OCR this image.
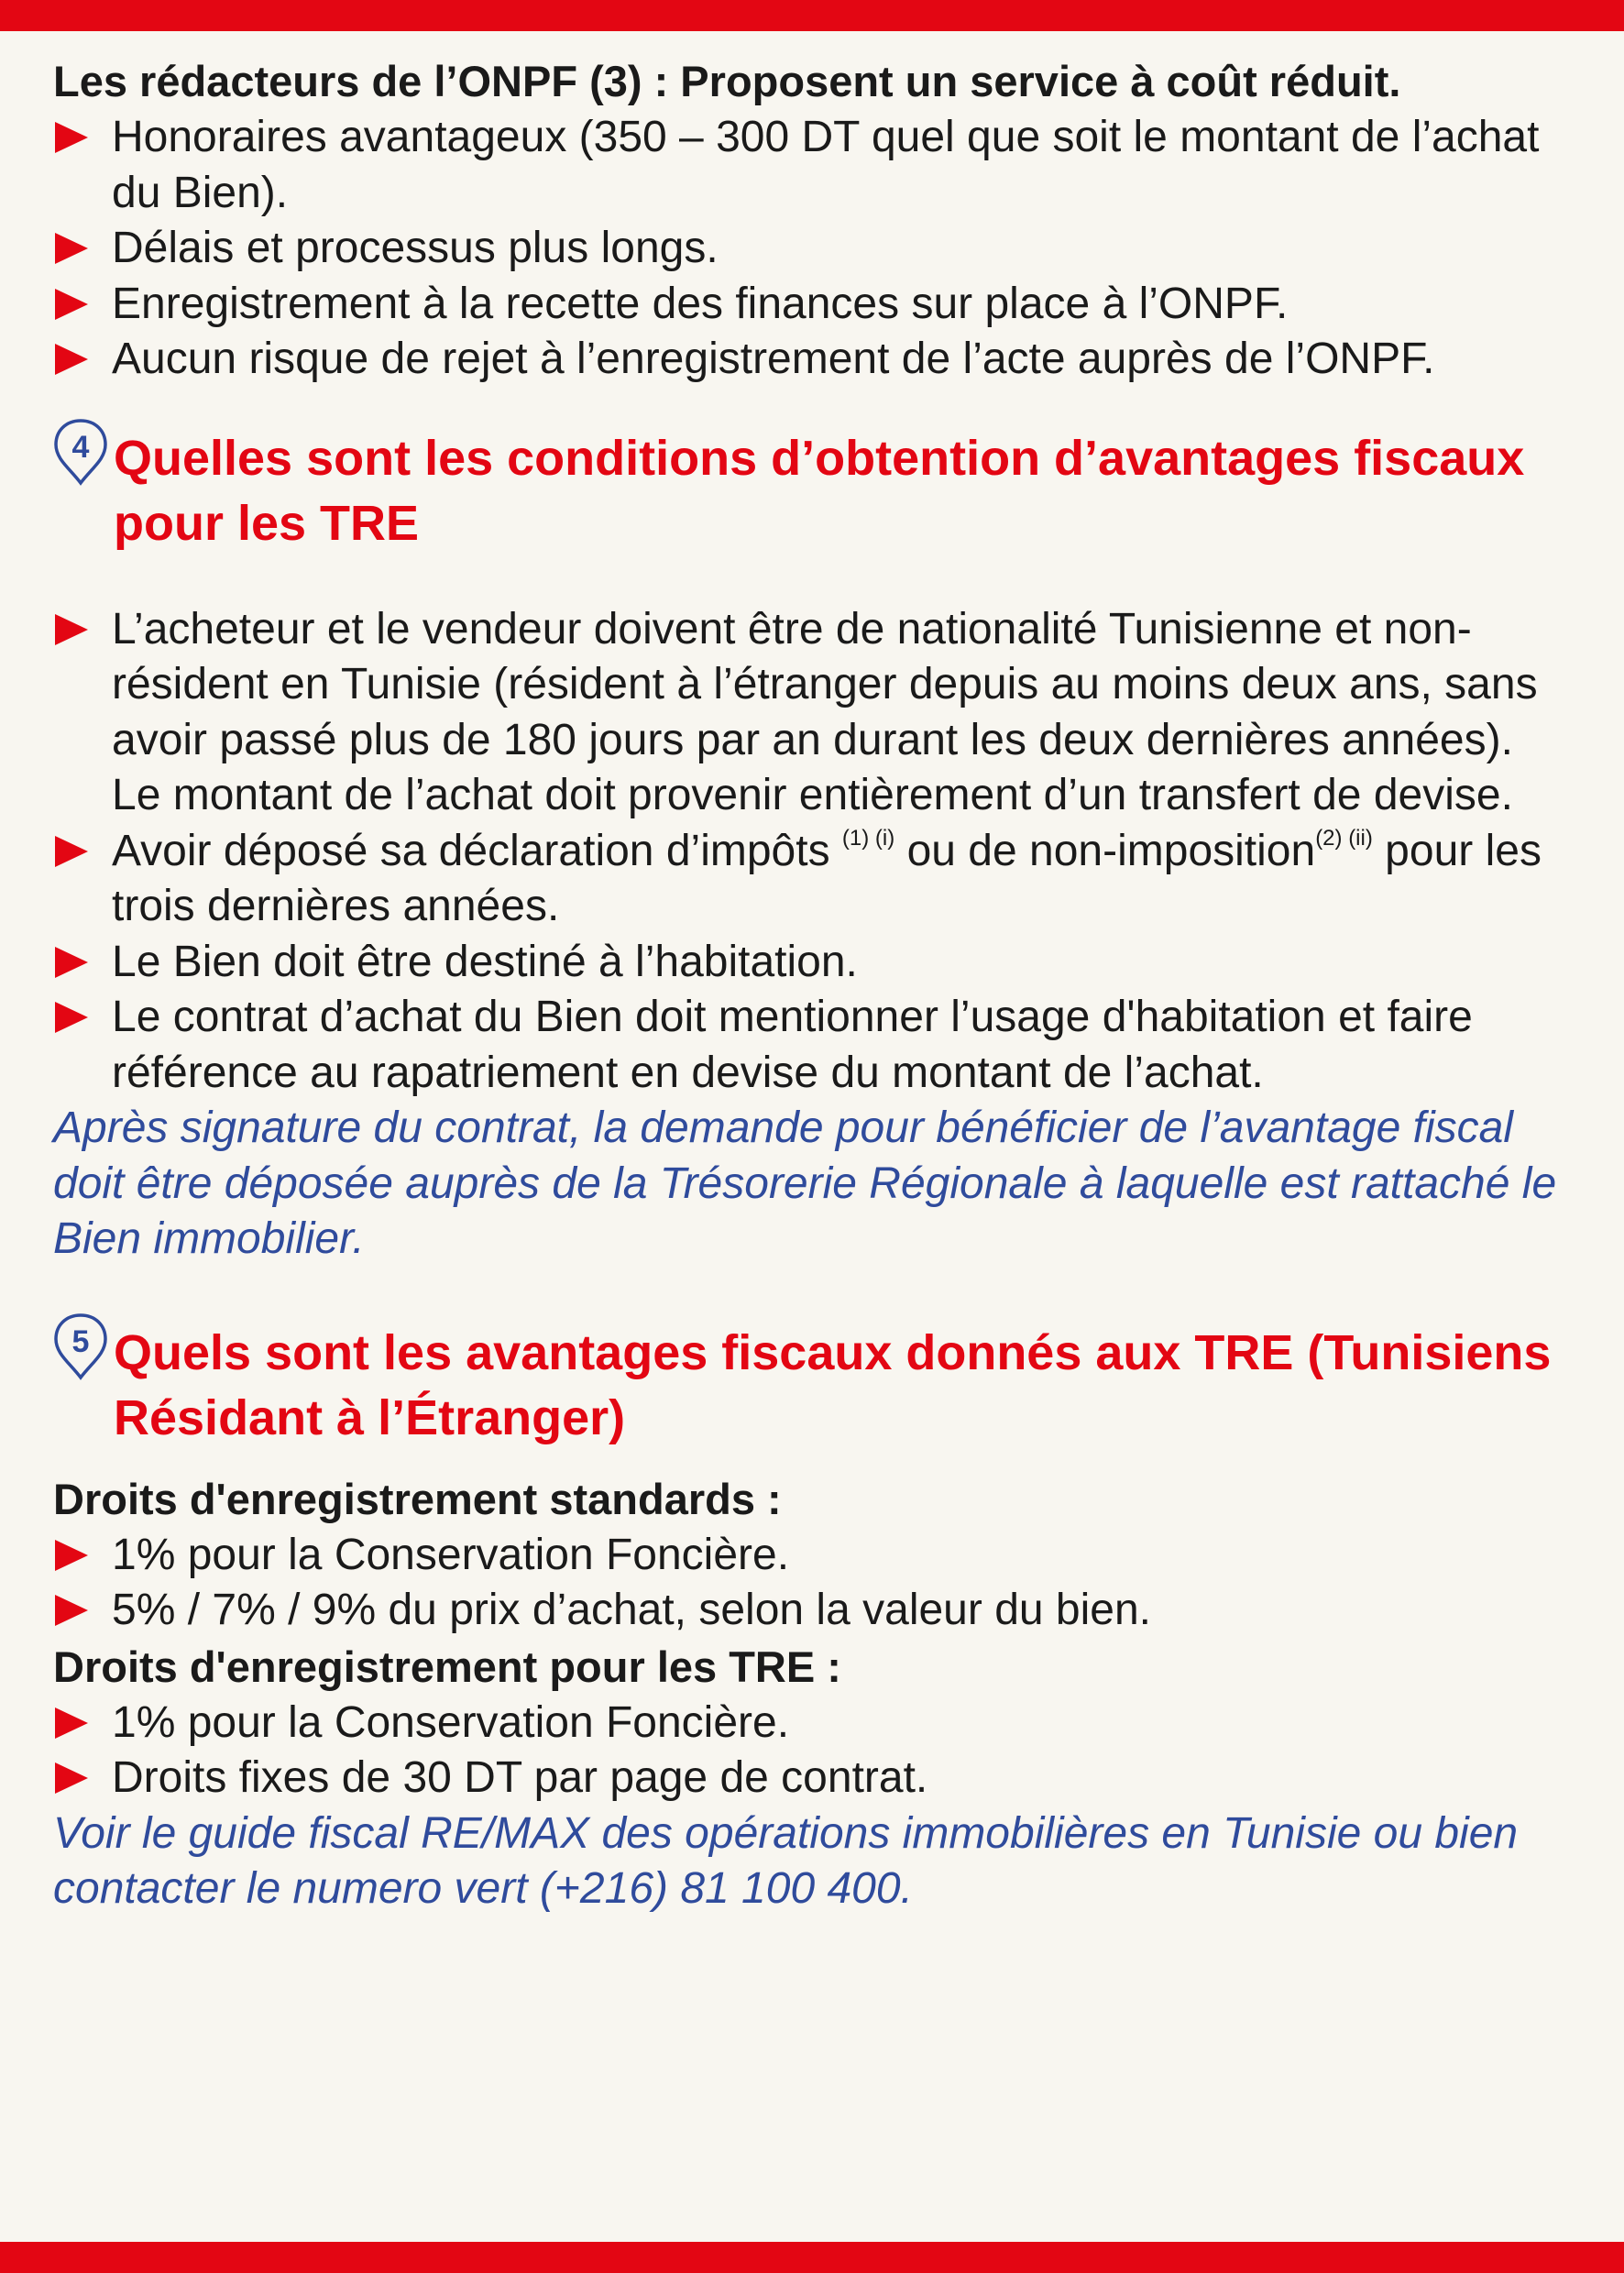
Les rédacteurs de l’ONPF (3) : Proposent un service à coût réduit.

Honoraires avantageux (350 – 300 DT quel que soit le montant de l’achat du Bien).
Délais et processus plus longs.
Enregistrement à la recette des finances sur place à l’ONPF.
Aucun risque de rejet à l’enregistrement de l’acte auprès de l’ONPF.
4 Quelles sont les conditions d’obtention d’avantages fiscaux pour les TRE
L’acheteur et le vendeur doivent être de nationalité Tunisienne et non-résident en Tunisie (résident à l’étranger depuis au moins deux ans, sans avoir passé plus de 180 jours par an durant les deux dernières années).
Le montant de l’achat doit provenir entièrement d’un transfert de devise.
Avoir déposé sa déclaration d’impôts $^{(1) (i)}$ ou de non-imposition$^{(2) (ii)}$ pour les trois dernières années.
Le Bien doit être destiné à l’habitation.
Le contrat d’achat du Bien doit mentionner l’usage d'habitation et faire référence au rapatriement en devise du montant de l’achat.

Après signature du contrat, la demande pour bénéficier de l’avantage fiscal doit être déposée auprès de la Trésorerie Régionale à laquelle est rattaché le Bien immobilier.

5 Quels sont les avantages fiscaux donnés aux TRE (Tunisiens Résidant à l’Étranger)

Droits d'enregistrement standards :

1% pour la Conservation Foncière.
5% / 7% / 9% du prix d’achat, selon la valeur du bien.

Droits d'enregistrement pour les TRE :

1% pour la Conservation Foncière.
Droits fixes de 30 DT par page de contrat.

Voir le guide fiscal RE/MAX des opérations immobilières en Tunisie ou bien contacter le numero vert (+216) 81 100 400.
